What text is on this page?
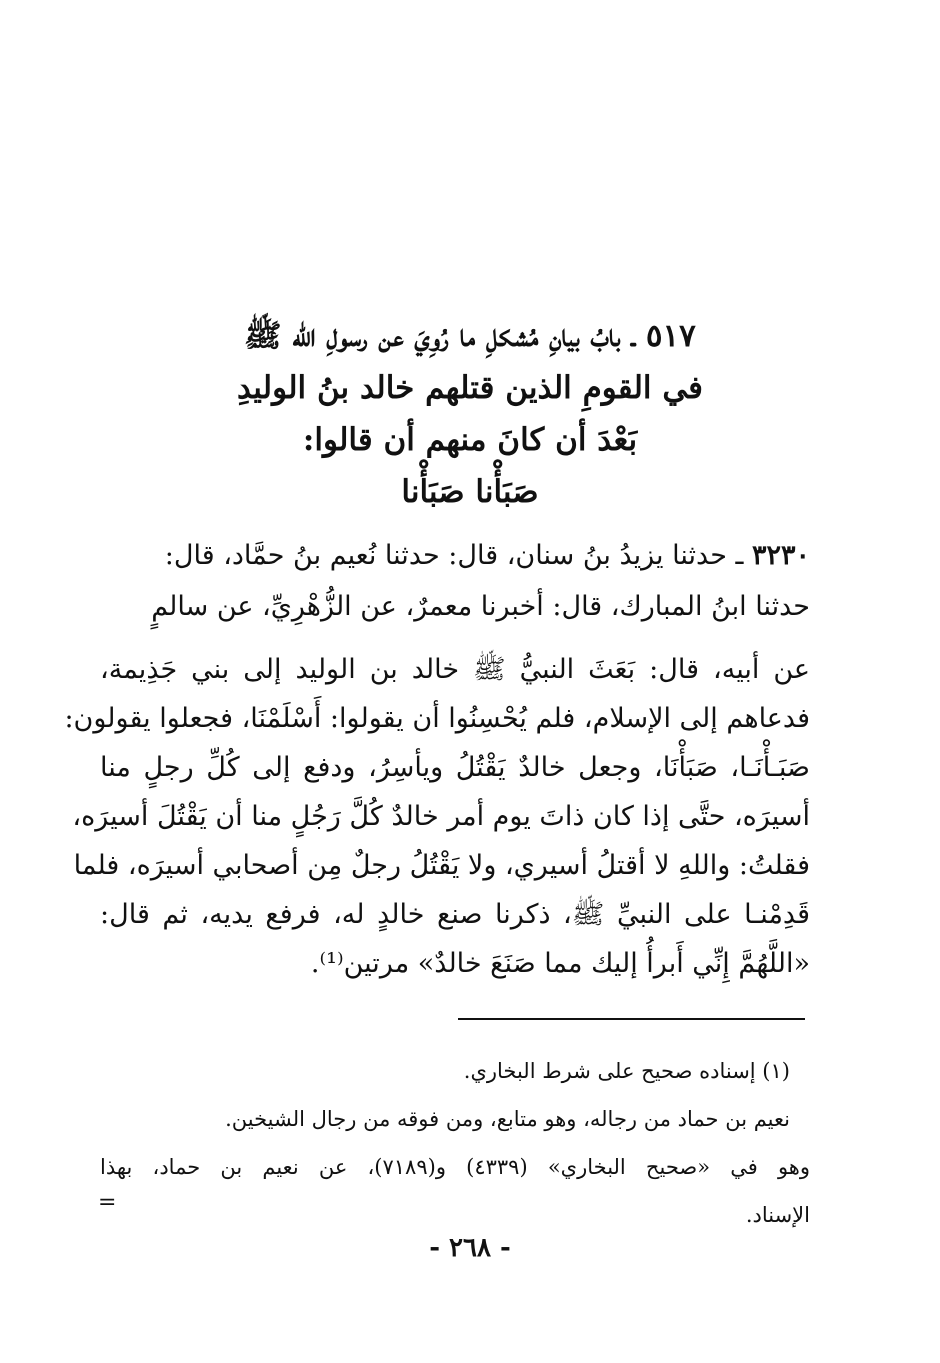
٥١٧ ـ بابُ بيانِ مُشكلِ ما رُوِيَ عن رسولِ الله ﷺ
في القومِ الذين قتلهم خالد بنُ الوليدِ
بَعْدَ أن كانَ منهم أن قالوا:
صَبَأْنا صَبَأْنا
٣٢٣٠ ـ حدثنا يزيدُ بنُ سنان، قال: حدثنا نُعيم بنُ حمَّاد، قال:
حدثنا ابنُ المبارك، قال: أخبرنا معمرٌ، عن الزُّهْرِيِّ، عن سالمٍ
عن أبيه، قال: بَعَثَ النبيُّ ﷺ خالد بن الوليد إلى بني جَذِيمة،
فدعاهم إلى الإسلام، فلم يُحْسِنُوا أن يقولوا: أَسْلَمْنَا، فجعلوا يقولون:
صَبَـأْنَـا، صَبَأْنَا، وجعل خالدٌ يَقْتُلُ ويأسِرُ، ودفع إلى كُلِّ رجلٍ منا
أسيرَه، حتَّى إذا كان ذاتَ يوم أمر خالدٌ كُلَّ رَجُلٍ منا أن يَقْتُلَ أسيرَه،
فقلتُ: واللهِ لا أقتلُ أسيري، ولا يَقْتُلُ رجلٌ مِن أصحابي أسيرَه، فلما
قَدِمْنـا على النبيِّ ﷺ، ذكرنا صنع خالدٍ له، فرفع يديه، ثم قال:
«اللَّهُمَّ إِنِّي أَبرأُ إليك مما صَنَعَ خالدٌ» مرتين⁽¹⁾.
(١) إسناده صحيح على شرط البخاري.
نعيم بن حماد من رجاله، وهو متابع، ومن فوقه من رجال الشيخين.
وهو في «صحيح البخاري» (٤٣٣٩) و(٧١٨٩)، عن نعيم بن حماد، بهذا
الإسناد.
=
- ٢٦٨ -
